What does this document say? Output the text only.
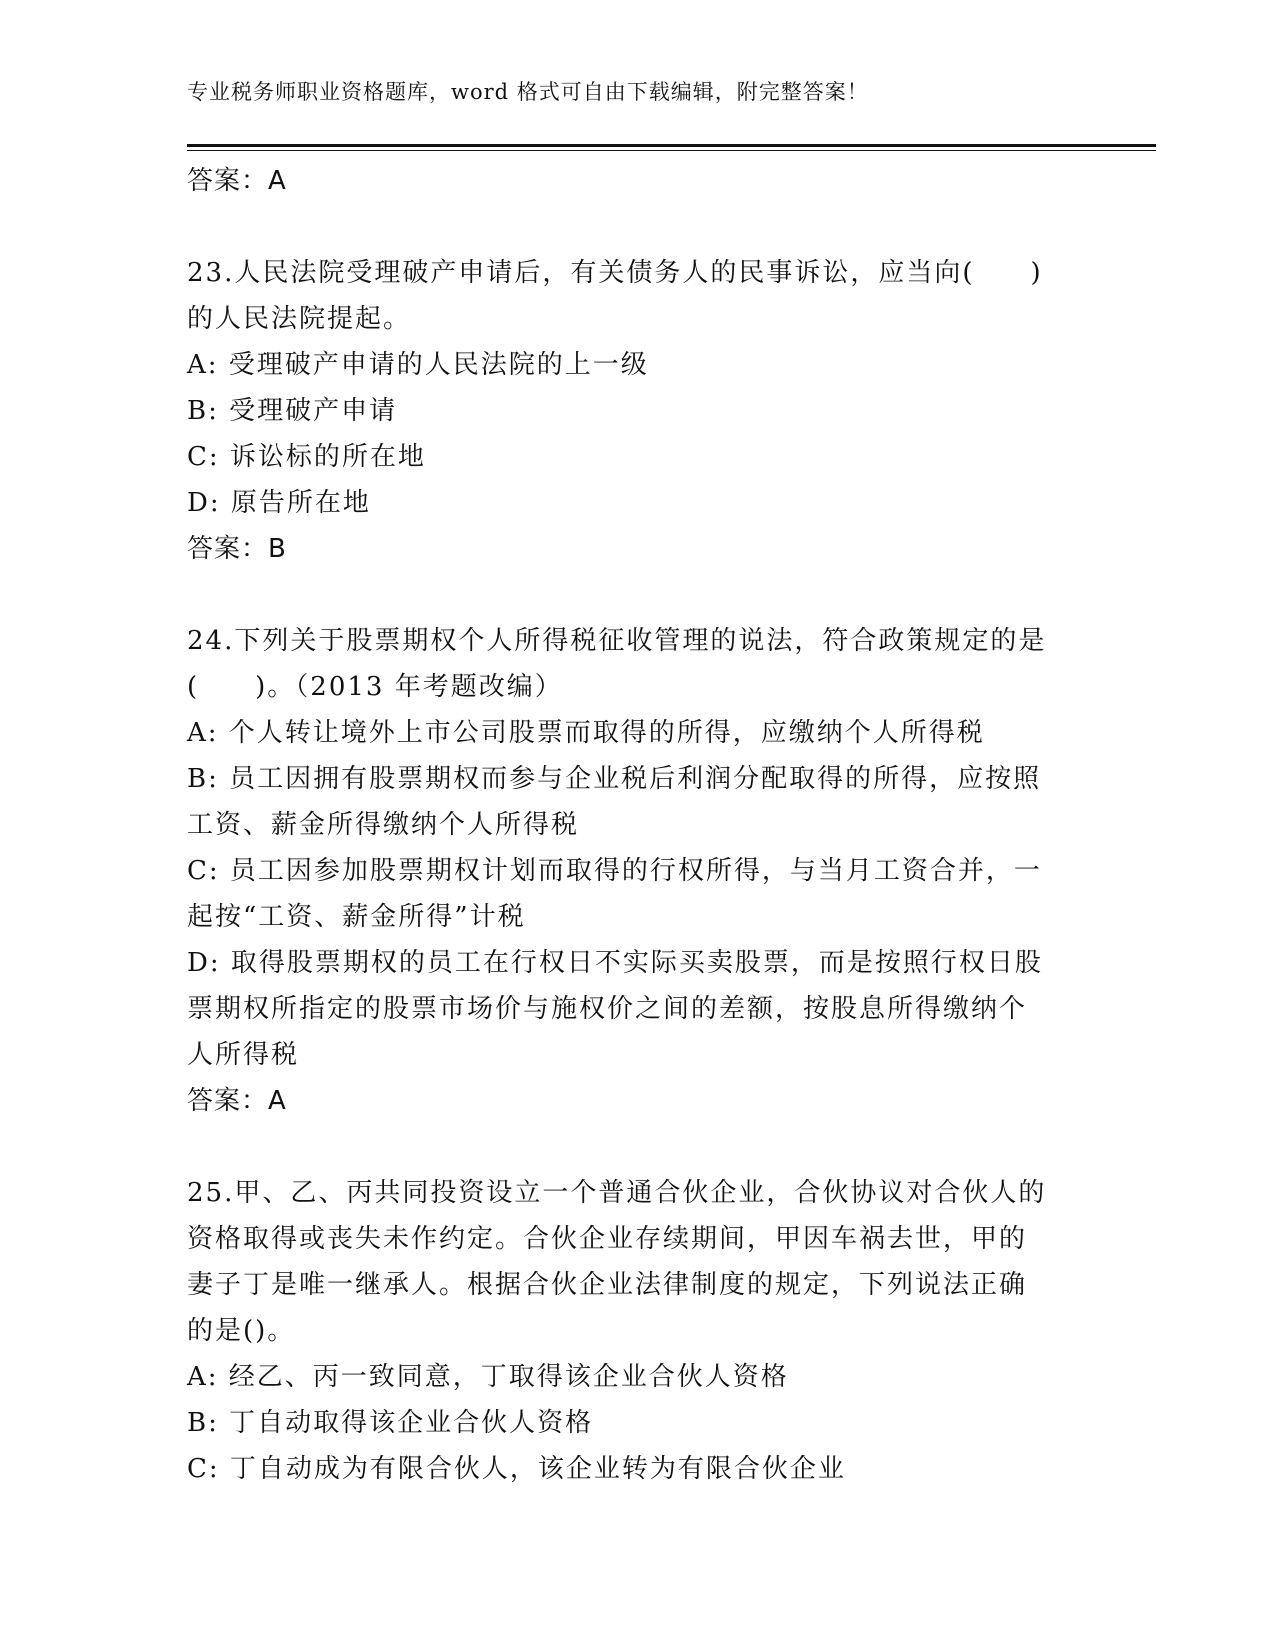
专业税务师职业资格题库，word 格式可自由下载编辑，附完整答案！
答案：A
23.人民法院受理破产申请后，有关债务人的民事诉讼，应当向(　　)
的人民法院提起。
A: 受理破产申请的人民法院的上一级
B: 受理破产申请
C: 诉讼标的所在地
D: 原告所在地
答案：B
24.下列关于股票期权个人所得税征收管理的说法，符合政策规定的是
(　　)。（2013 年考题改编）
A: 个人转让境外上市公司股票而取得的所得，应缴纳个人所得税
B: 员工因拥有股票期权而参与企业税后利润分配取得的所得，应按照
工资、薪金所得缴纳个人所得税
C: 员工因参加股票期权计划而取得的行权所得，与当月工资合并，一
起按“工资、薪金所得”计税
D: 取得股票期权的员工在行权日不实际买卖股票，而是按照行权日股
票期权所指定的股票市场价与施权价之间的差额，按股息所得缴纳个
人所得税
答案：A
25.甲、乙、丙共同投资设立一个普通合伙企业，合伙协议对合伙人的
资格取得或丧失未作约定。合伙企业存续期间，甲因车祸去世，甲的
妻子丁是唯一继承人。根据合伙企业法律制度的规定，下列说法正确
的是()。
A: 经乙、丙一致同意，丁取得该企业合伙人资格
B: 丁自动取得该企业合伙人资格
C: 丁自动成为有限合伙人，该企业转为有限合伙企业
